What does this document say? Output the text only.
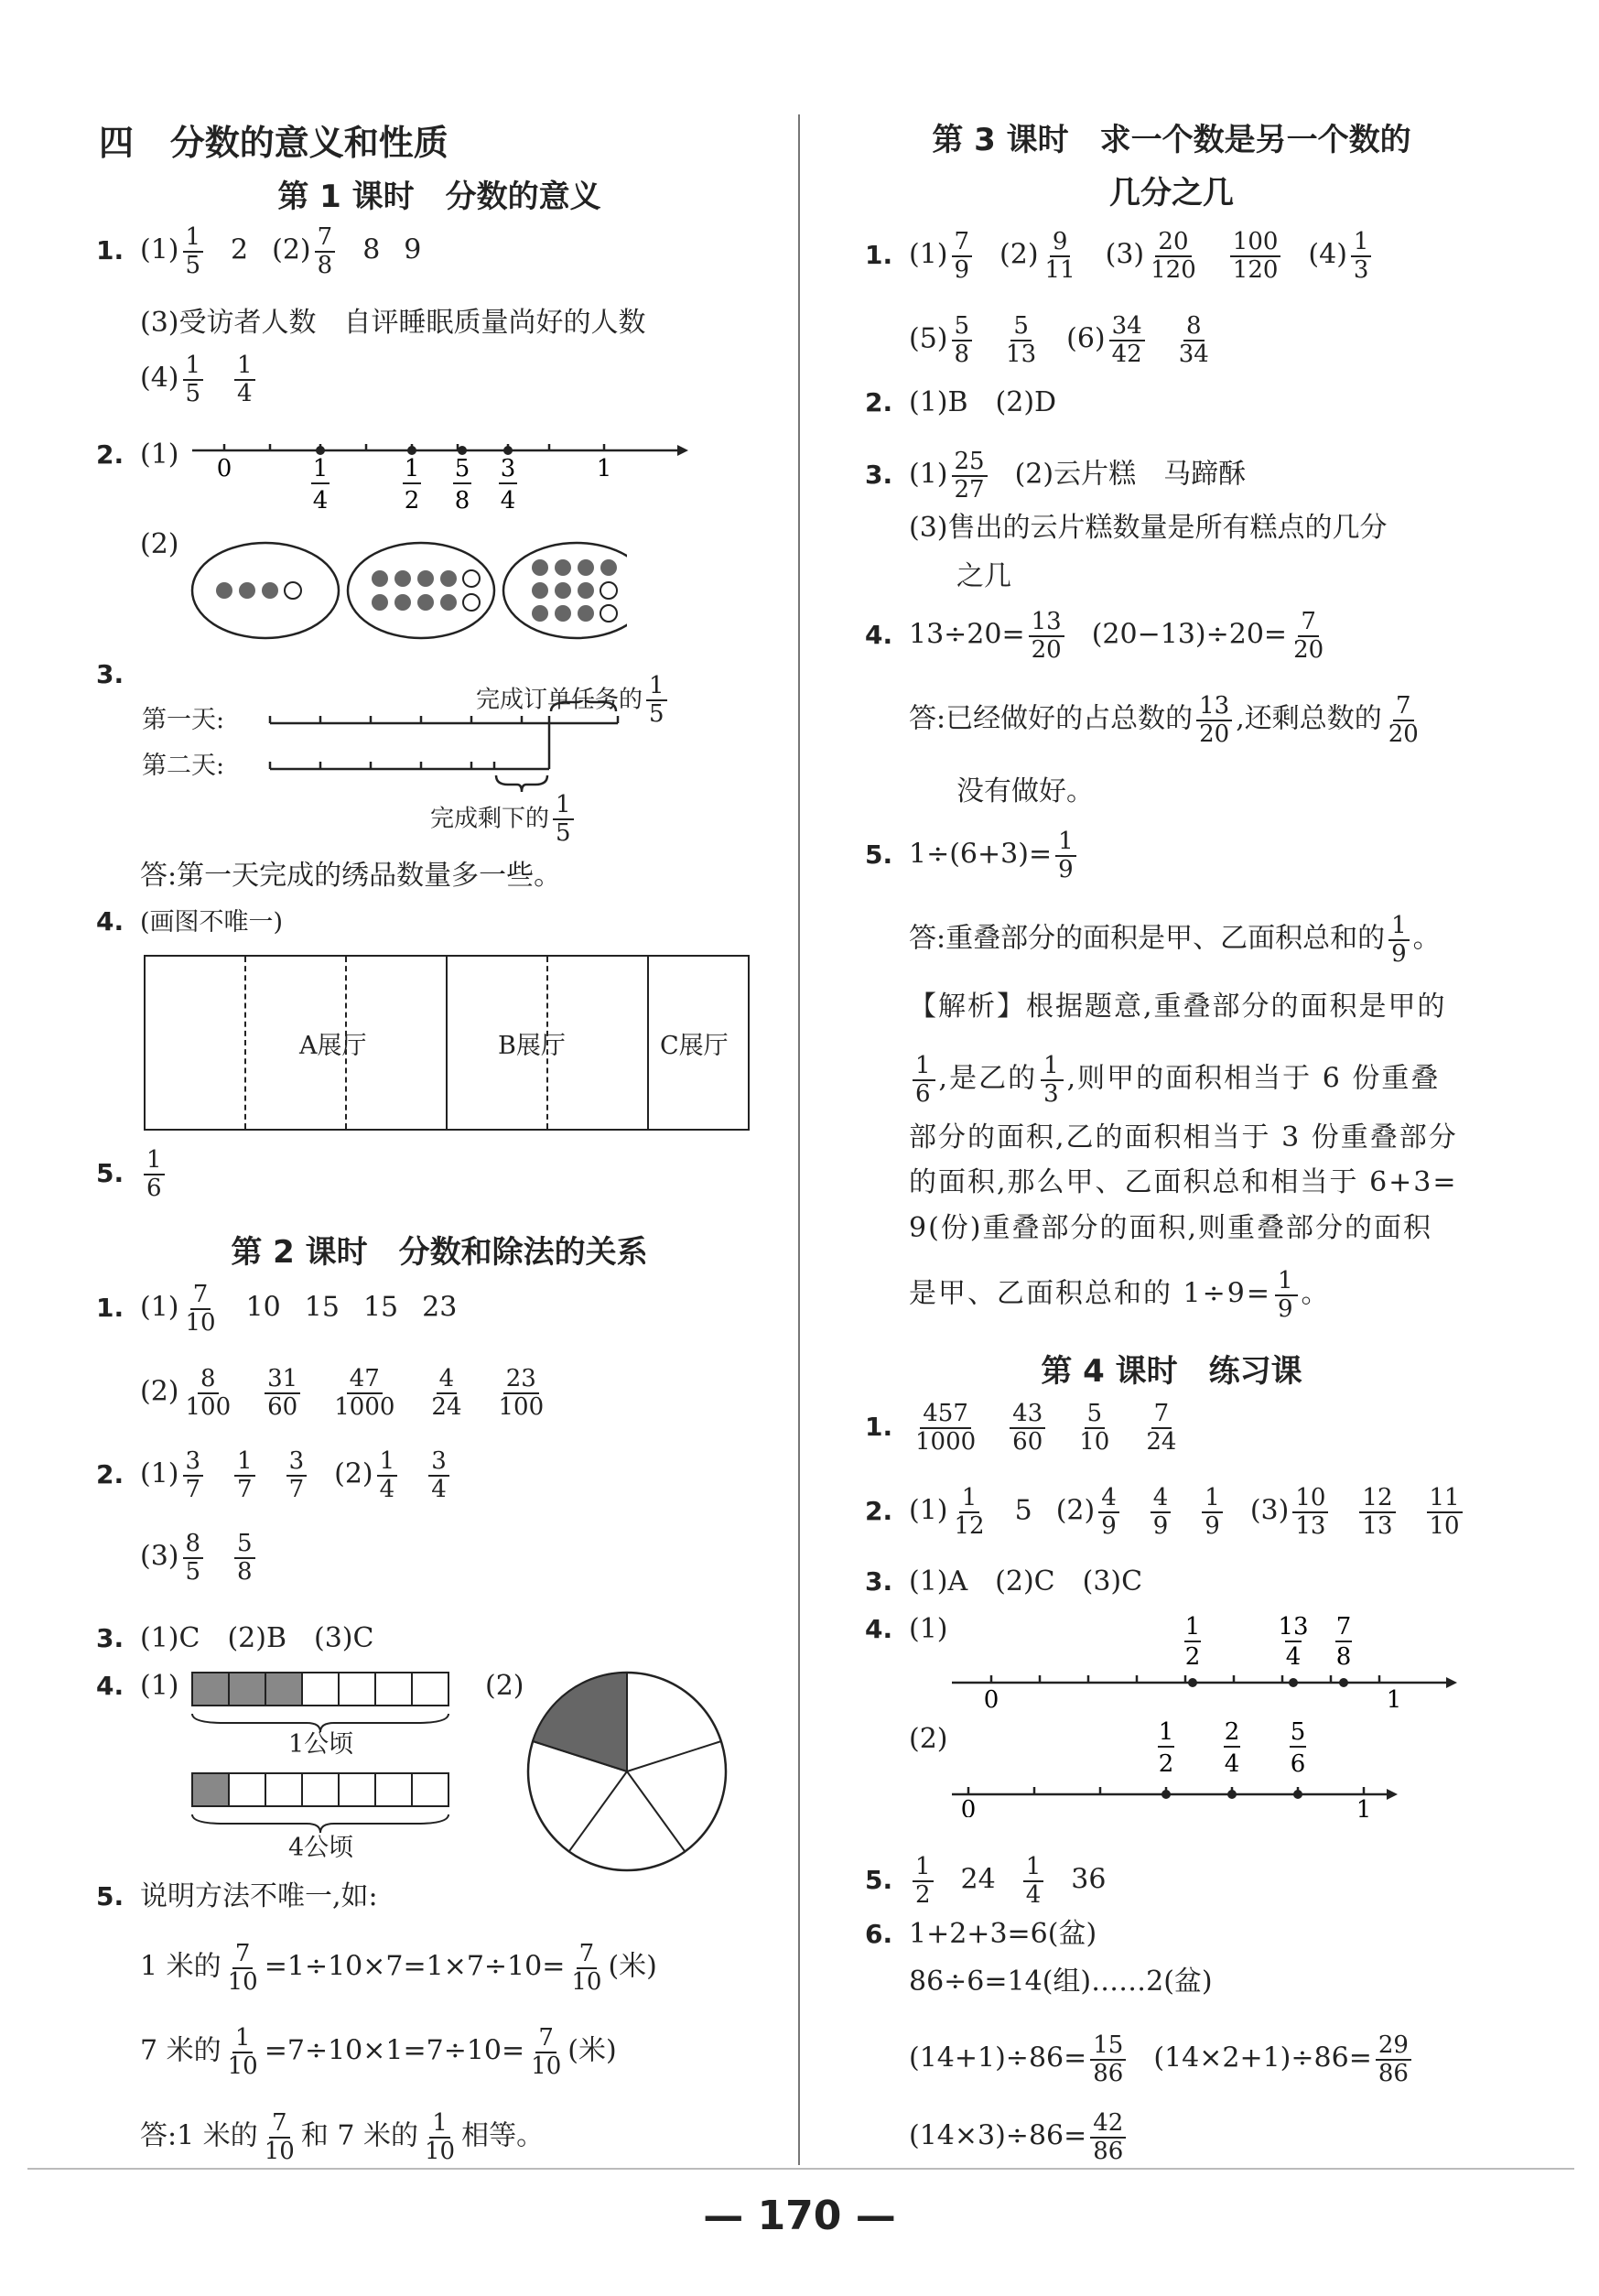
四 分数的意义和性质
第 1 课时　分数的意义
1. $(1) \frac{1}{5} 2$ $(2) \frac{7}{8} 8$ 9
(3)受访者人数　自评睡眠质量尚好的人数
$(4) \frac{1}{5} \frac{1}{4}$
2. (1) 0	1
1
4
1
2
5
8
3
4
(2)
3.
完成订单任务的 $\frac{1}{5}$
第一天:
第二天:
完成剩下的 $\frac{1}{5}$
答:第一天完成的绣品数量多一些。
4. (画图不唯一)
A展厅	B展厅	C展厅
5. $\frac{1}{6}$
第 2 课时　分数和除法的关系
1. $(1) \frac{7}{10} 10$ 15 15 23
$(2) \frac{8}{100} \frac{31}{60} \frac{47}{1000} \frac{4}{24} \frac{23}{100}$
2. $(1) \frac{3}{7} \frac{1}{7} \frac{3}{7} (2) \frac{1}{4} \frac{3}{4}$
$(3) \frac{8}{5} \frac{5}{8}$
3. (1)C　(2)B　(3)C
4. (1)
1公顷
4公顷
(2)
5. 说明方法不唯一,如:
1 米的 $\frac{7}{10} =1\div 10\times 7=1\times 7\div 10= \frac{7}{10}$ (米)
7 米的 $\frac{1}{10} =7\div 10\times 1=7\div 10= \frac{7}{10}$ (米)
答:1 米的 $\frac{7}{10}$ 和 7 米的 $\frac{1}{10}$ 相等。
第 3 课时　求一个数是另一个数的
几分之几
1. $(1) \frac{7}{9} (2) \frac{9}{11} (3) \frac{20}{120} \frac{100}{120} (4) \frac{1}{3}$
$(5) \frac{5}{8} \frac{5}{13} (6) \frac{34}{42} \frac{8}{34}$
2. (1)B　(2)D
3. $(1) \frac{25}{27} (2)$云片糕　马蹄酥
(3)售出的云片糕数量是所有糕点的几分
之几
4. $13\div 20= \frac{13}{20} (20-13)\div 20= \frac{7}{20}$
答:已经做好的占总数的 $\frac{13}{20}$ ,还剩总数的 $\frac{7}{20}$
没有做好。
5. $1\div(6+3)= \frac{1}{9}$
答:重叠部分的面积是甲、乙面积总和的 $\frac{1}{9}$ 。
【解析】根据题意,重叠部分的面积是甲的
$\frac{1}{6}$ ,是乙的 $\frac{1}{3}$ ,则甲的面积相当于 6 份重叠
部分的面积,乙的面积相当于 3 份重叠部分
的面积,那么甲、乙面积总和相当于 6+3=
9(份)重叠部分的面积,则重叠部分的面积
是甲、乙面积总和的 $1\div 9= \frac{1}{9}$ 。
第 4 课时　练习课
1. $\frac{457}{1000} \frac{43}{60} \frac{5}{10} \frac{7}{24}$
2. $(1) \frac{1}{12} 5$ $(2) \frac{4}{9} \frac{4}{9} \frac{1}{9} (3) \frac{10}{13} \frac{12}{13} \frac{11}{10}$
3. (1)A　(2)C　(3)C
4. (1)
0	1
1
2
13
4
7
8
(2)
0	1
1
2
2
4
5
6
5. $\frac{1}{2} 24 \frac{1}{4} 36$
6. 1+2+3=6(盆)
86÷6=14(组)……2(盆)
$(14+1)\div 86= \frac{15}{86} (14\times 2+1)\div 86= \frac{29}{86}$
$(14\times 3)\div 86= \frac{42}{86}$
— 170 —
